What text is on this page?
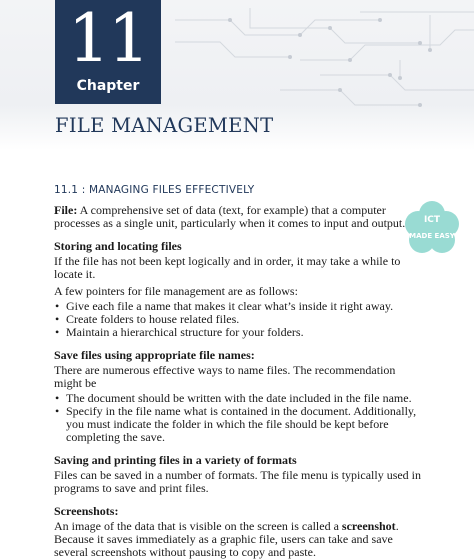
11
Chapter
FILE MANAGEMENT
ICT
MADE EASY
11.1 : MANAGING FILES EFFECTIVELY

File: A comprehensive set of data (text, for example) that a computer processes as a single unit, particularly when it comes to input and output.

Storing and locating files

If the file has not been kept logically and in order, it may take a while to locate it.

A few pointers for file management are as follows:

• Give each file a name that makes it clear what’s inside it right away.
• Create folders to house related files.
• Maintain a hierarchical structure for your folders.

Save files using appropriate file names:

There are numerous effective ways to name files. The recommendation might be

• The document should be written with the date included in the file name.
• Specify in the file name what is contained in the document. Additionally, you must indicate the folder in which the file should be kept before completing the save.

Saving and printing files in a variety of formats

Files can be saved in a number of formats. The file menu is typically used in programs to save and print files.

Screenshots:

An image of the data that is visible on the screen is called a screenshot. Because it saves immediately as a graphic file, users can take and save several screenshots without pausing to copy and paste.
